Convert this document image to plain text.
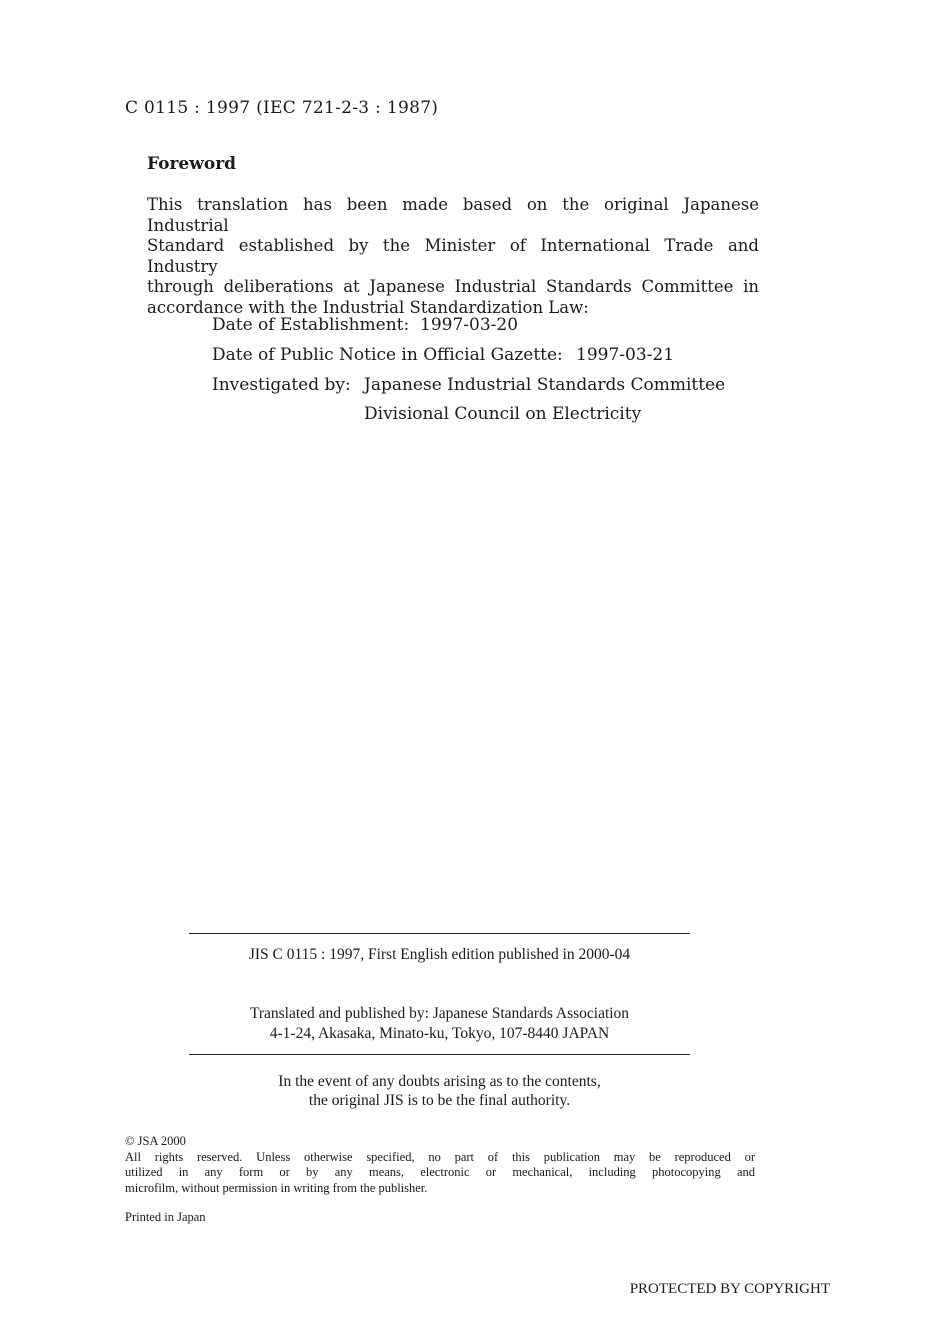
C 0115 : 1997 (IEC 721-2-3 : 1987)
Foreword
This translation has been made based on the original Japanese Industrial
Standard established by the Minister of International Trade and Industry
through deliberations at Japanese Industrial Standards Committee in
accordance with the Industrial Standardization Law:
Date of Establishment: 1997-03-20
Date of Public Notice in Official Gazette: 1997-03-21
Investigated by: Japanese Industrial Standards Committee
Divisional Council on Electricity
JIS C 0115 : 1997, First English edition published in 2000-04
Translated and published by: Japanese Standards Association
4-1-24, Akasaka, Minato-ku, Tokyo, 107-8440 JAPAN
In the event of any doubts arising as to the contents,
the original JIS is to be the final authority.
© JSA 2000
All rights reserved. Unless otherwise specified, no part of this publication may be reproduced or
utilized in any form or by any means, electronic or mechanical, including photocopying and
microfilm, without permission in writing from the publisher.
Printed in Japan
PROTECTED BY COPYRIGHT
